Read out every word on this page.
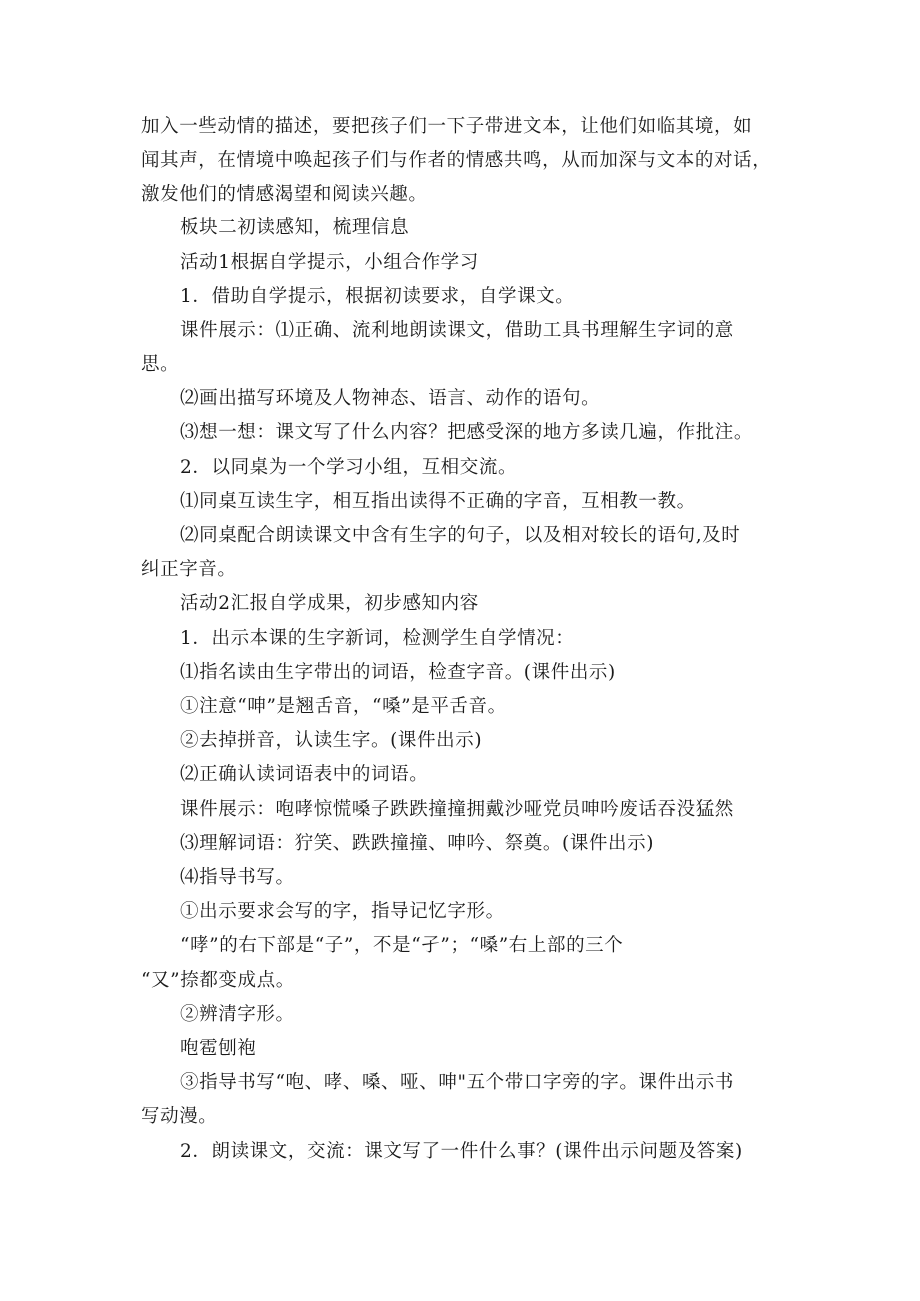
加入一些动情的描述，要把孩子们一下子带进文本，让他们如临其境，如
闻其声，在情境中唤起孩子们与作者的情感共鸣，从而加深与文本的对话，
激发他们的情感渴望和阅读兴趣。
板块二初读感知，梳理信息
活动1根据自学提示，小组合作学习
1．借助自学提示，根据初读要求，自学课文。
课件展示：⑴正确、流利地朗读课文，借助工具书理解生字词的意
思。
⑵画出描写环境及人物神态、语言、动作的语句。
⑶想一想：课文写了什么内容？把感受深的地方多读几遍，作批注。
2．以同桌为一个学习小组，互相交流。
⑴同桌互读生字，相互指出读得不正确的字音，互相教一教。
⑵同桌配合朗读课文中含有生字的句子，以及相对较长的语句,及时
纠正字音。
活动2汇报自学成果，初步感知内容
1．出示本课的生字新词，检测学生自学情况：
⑴指名读由生字带出的词语，检查字音。(课件出示)
①注意“呻”是翘舌音，“嗓”是平舌音。
②去掉拼音，认读生字。(课件出示)
⑵正确认读词语表中的词语。
课件展示：咆哮惊慌嗓子跌跌撞撞拥戴沙哑党员呻吟废话吞没猛然
⑶理解词语：狞笑、跌跌撞撞、呻吟、祭奠。(课件出示)
⑷指导书写。
①出示要求会写的字，指导记忆字形。
“哮”的右下部是“子”，不是“孑”；“嗓”右上部的三个
“又”捺都变成点。
②辨清字形。
咆雹刨袍
③指导书写“咆、哮、嗓、哑、呻"五个带口字旁的字。课件出示书
写动漫。
2．朗读课文，交流：课文写了一件什么事？(课件出示问题及答案)
